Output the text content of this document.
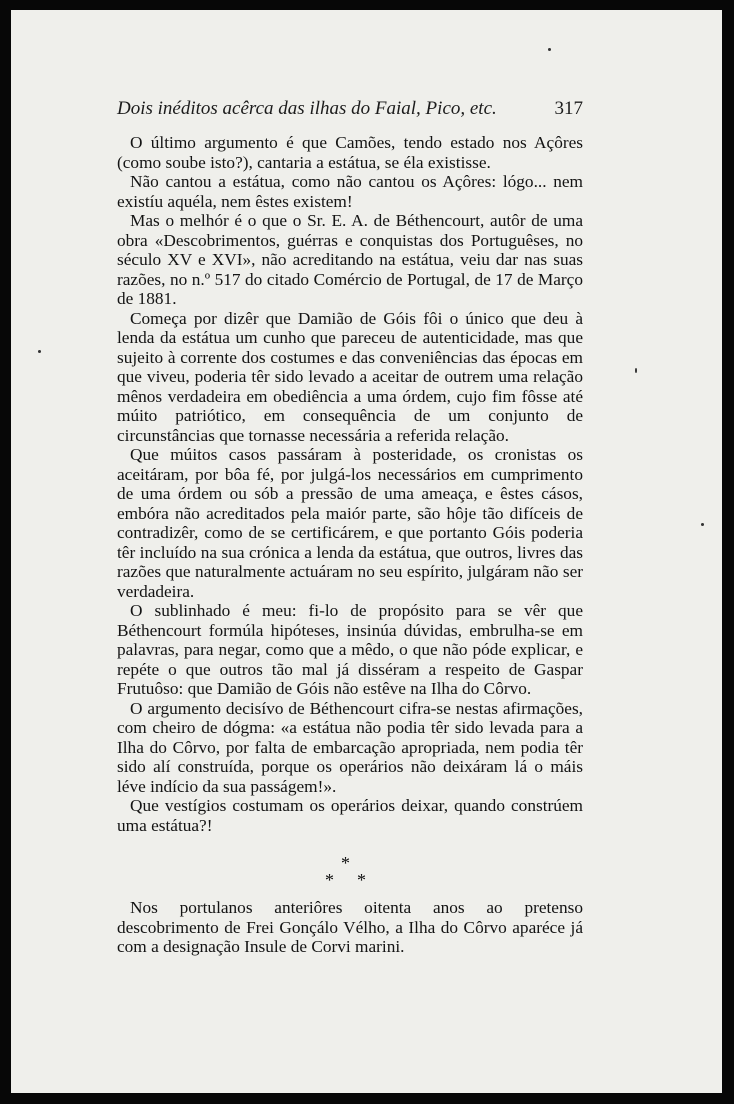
Dois inéditos acêrca das ilhas do Faial, Pico, etc.	317

O último argumento é que Camões, tendo estado nos Açôres (como soube isto?), cantaria a estátua, se éla existisse.

Não cantou a estátua, como não cantou os Açôres: lógo... nem existíu aquéla, nem êstes existem!

Mas o melhór é o que o Sr. E. A. de Béthencourt, autôr de uma obra «Descobrimentos, guérras e conquistas dos Portuguêses, no século XV e XVI», não acreditando na estátua, veiu dar nas suas razões, no n.º 517 do citado Comércio de Portugal, de 17 de Março de 1881.

Começa por dizêr que Damião de Góis fôi o único que deu à lenda da estátua um cunho que pareceu de autenticidade, mas que sujeito à corrente dos costumes e das conveniências das épocas em que viveu, poderia têr sido levado a aceitar de outrem uma relação mênos verdadeira em obediência a uma órdem, cujo fim fôsse até múito patriótico, em consequência de um conjunto de circunstâncias que tornasse necessária a referida relação.

Que múitos casos passáram à posteridade, os cronistas os aceitáram, por bôa fé, por julgá-los necessários em cumprimento de uma órdem ou sób a pressão de uma ameaça, e êstes cásos, embóra não acreditados pela maiór parte, são hôje tão difíceis de contradizêr, como de se certificárem, e que portanto Góis poderia têr incluído na sua crónica a lenda da estátua, que outros, livres das razões que naturalmente actuáram no seu espírito, julgáram não ser verdadeira.

O sublinhado é meu: fi-lo de propósito para se vêr que Béthencourt formúla hipóteses, insinúa dúvidas, embrulha-se em palavras, para negar, como que a mêdo, o que não póde explicar, e repéte o que outros tão mal já disséram a respeito de Gaspar Frutuôso: que Damião de Góis não estêve na Ilha do Côrvo.

O argumento decisívo de Béthencourt cifra-se nestas afirmações, com cheiro de dógma: «a estátua não podia têr sido levada para a Ilha do Côrvo, por falta de embarcação apropriada, nem podia têr sido alí construída, porque os operários não deixáram lá o máis léve indício da sua passágem!».

Que vestígios costumam os operários deixar, quando constrúem uma estátua?!

*
* *

Nos portulanos anteriôres oitenta anos ao pretenso descobrimento de Frei Gonçálo Vélho, a Ilha do Côrvo aparéce já com a designação Insule de Corvi marini.
